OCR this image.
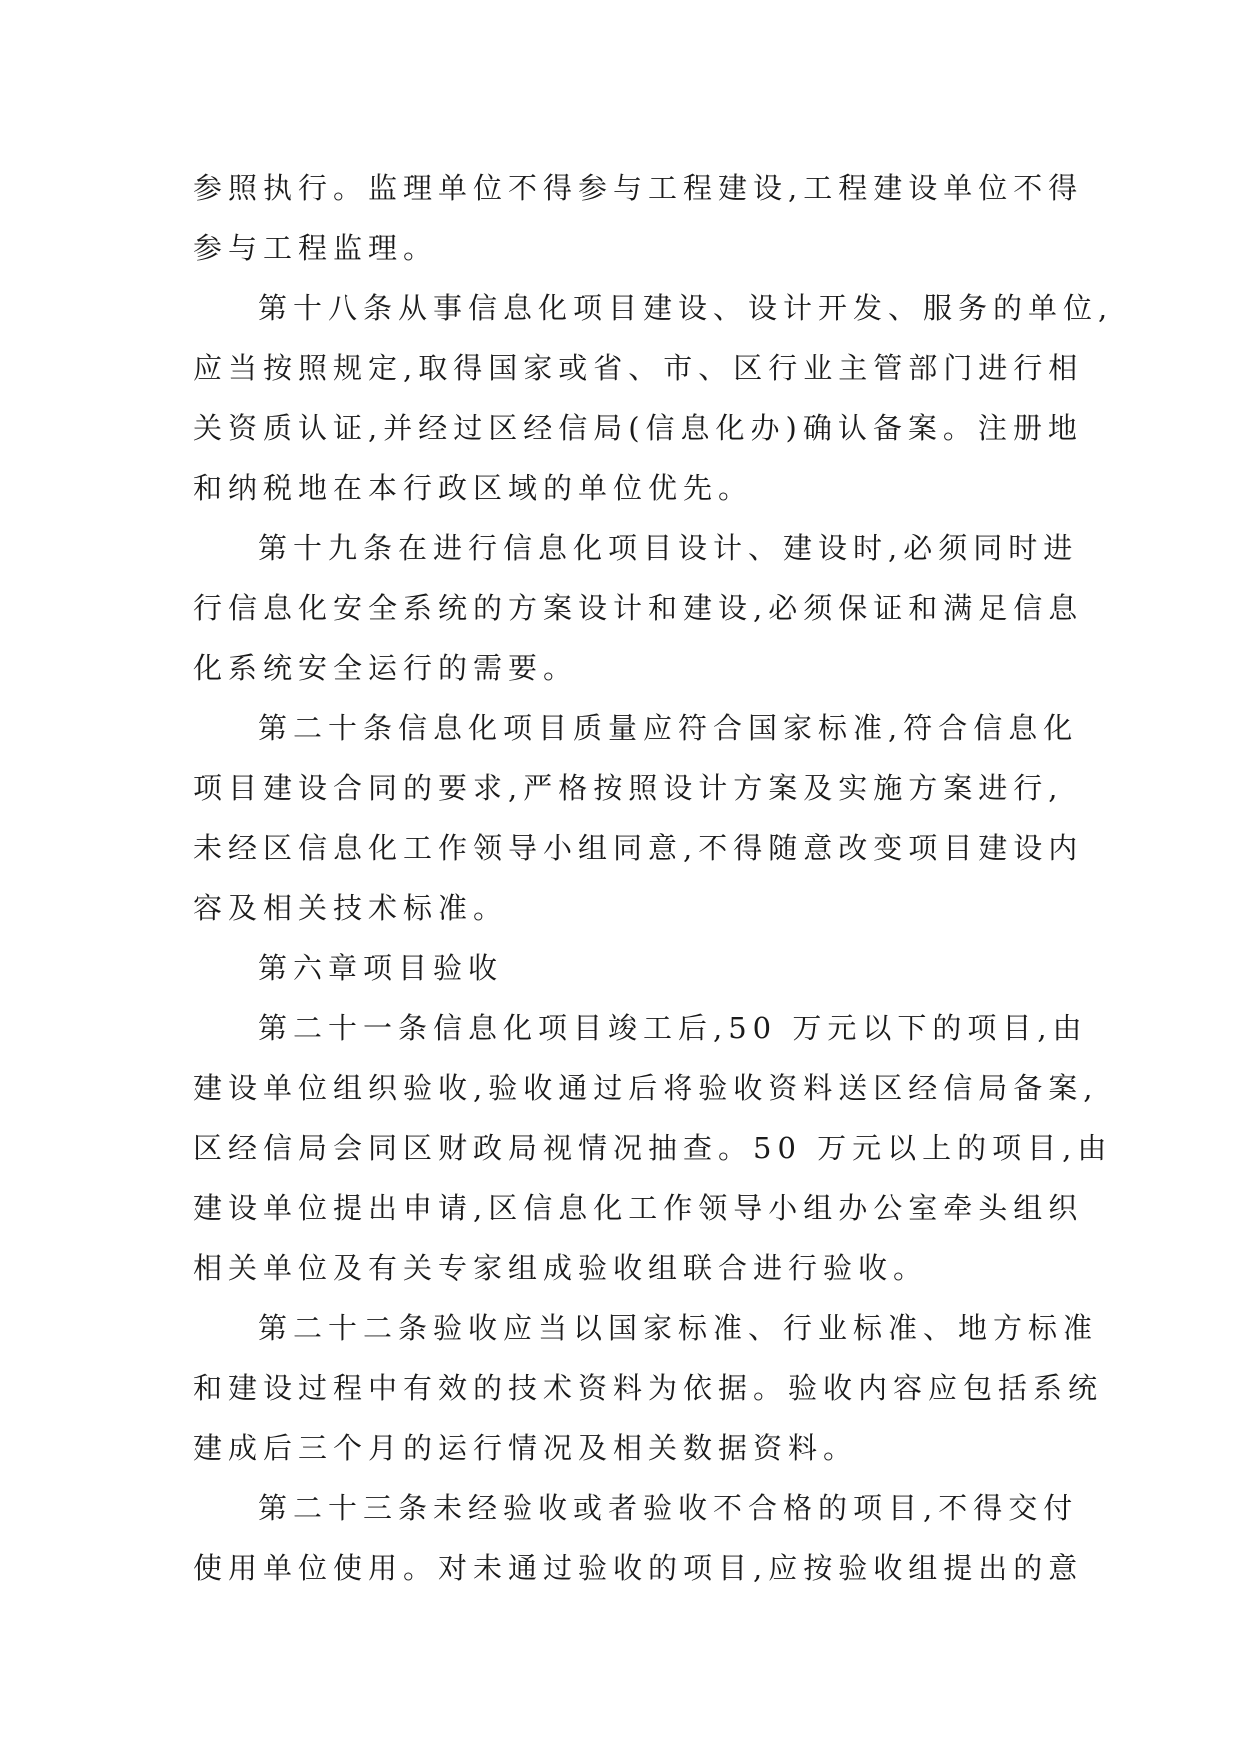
参照执行。监理单位不得参与工程建设,工程建设单位不得
参与工程监理。
第十八条从事信息化项目建设、设计开发、服务的单位,
应当按照规定,取得国家或省、市、区行业主管部门进行相
关资质认证,并经过区经信局(信息化办)确认备案。注册地
和纳税地在本行政区域的单位优先。
第十九条在进行信息化项目设计、建设时,必须同时进
行信息化安全系统的方案设计和建设,必须保证和满足信息
化系统安全运行的需要。
第二十条信息化项目质量应符合国家标准,符合信息化
项目建设合同的要求,严格按照设计方案及实施方案进行,
未经区信息化工作领导小组同意,不得随意改变项目建设内
容及相关技术标准。
第六章项目验收
第二十一条信息化项目竣工后,50 万元以下的项目,由
建设单位组织验收,验收通过后将验收资料送区经信局备案,
区经信局会同区财政局视情况抽查。50 万元以上的项目,由
建设单位提出申请,区信息化工作领导小组办公室牵头组织
相关单位及有关专家组成验收组联合进行验收。
第二十二条验收应当以国家标准、行业标准、地方标准
和建设过程中有效的技术资料为依据。验收内容应包括系统
建成后三个月的运行情况及相关数据资料。
第二十三条未经验收或者验收不合格的项目,不得交付
使用单位使用。对未通过验收的项目,应按验收组提出的意
